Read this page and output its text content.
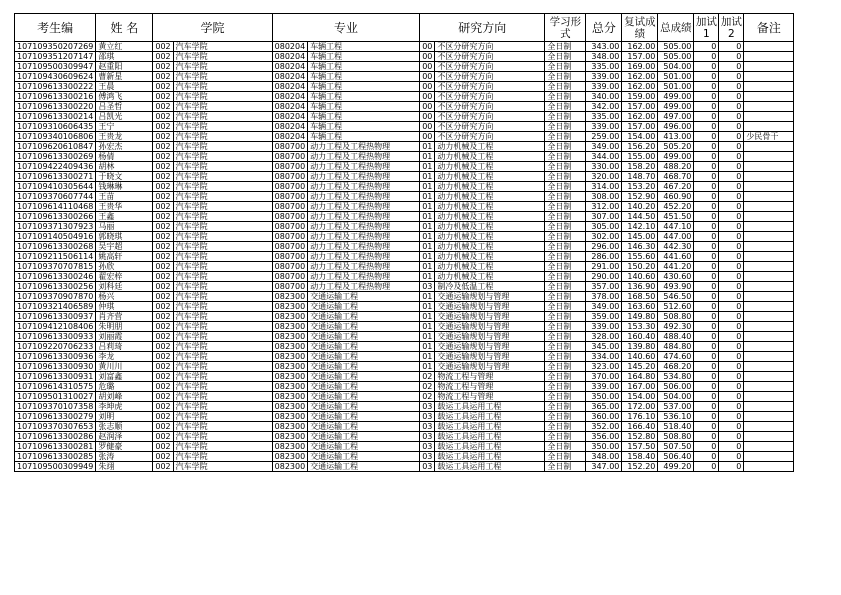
考生编	姓 名	学院		专业		研究方向		学习形式	总分	复试成绩	总成绩	加试1	加试2	备注
107109350207269	黄立红	002	汽车学院	080204	车辆工程	00	不区分研究方向	全日制	343.00	162.00	505.00	0	0	
107109351207147	邵琪	002	汽车学院	080204	车辆工程	00	不区分研究方向	全日制	348.00	157.00	505.00	0	0	
107109500309947	赵重阳	002	汽车学院	080204	车辆工程	00	不区分研究方向	全日制	335.00	169.00	504.00	0	0	
107109430609624	曹新星	002	汽车学院	080204	车辆工程	00	不区分研究方向	全日制	339.00	162.00	501.00	0	0	
107109613300222	王晨	002	汽车学院	080204	车辆工程	00	不区分研究方向	全日制	339.00	162.00	501.00	0	0	
107109613300216	傅鸿飞	002	汽车学院	080204	车辆工程	00	不区分研究方向	全日制	340.00	159.00	499.00	0	0	
107109613300220	吕圣哲	002	汽车学院	080204	车辆工程	00	不区分研究方向	全日制	342.00	157.00	499.00	0	0	
107109613300214	吕凯光	002	汽车学院	080204	车辆工程	00	不区分研究方向	全日制	335.00	162.00	497.00	0	0	
107109310606435	王宁	002	汽车学院	080204	车辆工程	00	不区分研究方向	全日制	339.00	157.00	496.00	0	0	
107109340106806	王贵龙	002	汽车学院	080204	车辆工程	00	不区分研究方向	全日制	259.00	154.00	413.00	0	0	少民骨干
107109620610847	孙宏杰	002	汽车学院	080700	动力工程及工程热物理	01	动力机械及工程	全日制	349.00	156.20	505.20	0	0	
107109613300269	杨倩	002	汽车学院	080700	动力工程及工程热物理	01	动力机械及工程	全日制	344.00	155.00	499.00	0	0	
107109422409436	胡林	002	汽车学院	080700	动力工程及工程热物理	01	动力机械及工程	全日制	330.00	158.20	488.20	0	0	
107109613300271	于晓文	002	汽车学院	080700	动力工程及工程热物理	01	动力机械及工程	全日制	320.00	148.70	468.70	0	0	
107109410305644	钱琳琳	002	汽车学院	080700	动力工程及工程热物理	01	动力机械及工程	全日制	314.00	153.20	467.20	0	0	
107109370607744	王苗	002	汽车学院	080700	动力工程及工程热物理	01	动力机械及工程	全日制	308.00	152.90	460.90	0	0	
107109614110468	王贵华	002	汽车学院	080700	动力工程及工程热物理	01	动力机械及工程	全日制	312.00	140.20	452.20	0	0	
107109613300266	王鑫	002	汽车学院	080700	动力工程及工程热物理	01	动力机械及工程	全日制	307.00	144.50	451.50	0	0	
107109371307923	马丽	002	汽车学院	080700	动力工程及工程热物理	01	动力机械及工程	全日制	305.00	142.10	447.10	0	0	
107109140504916	郭晓琪	002	汽车学院	080700	动力工程及工程热物理	01	动力机械及工程	全日制	302.00	145.00	447.00	0	0	
107109613300268	吴宇超	002	汽车学院	080700	动力工程及工程热物理	01	动力机械及工程	全日制	296.00	146.30	442.30	0	0	
107109211506114	姚高轩	002	汽车学院	080700	动力工程及工程热物理	01	动力机械及工程	全日制	286.00	155.60	441.60	0	0	
107109370707815	孙欣	002	汽车学院	080700	动力工程及工程热物理	01	动力机械及工程	全日制	291.00	150.20	441.20	0	0	
107109613300246	翟宏梓	002	汽车学院	080700	动力工程及工程热物理	01	动力机械及工程	全日制	290.00	140.60	430.60	0	0	
107109613300256	刘科廷	002	汽车学院	080700	动力工程及工程热物理	03	制冷及低温工程	全日制	357.00	136.90	493.90	0	0	
107109370907870	杨兴	002	汽车学院	082300	交通运输工程	01	交通运输规划与管理	全日制	378.00	168.50	546.50	0	0	
107109321406589	仲琪	002	汽车学院	082300	交通运输工程	01	交通运输规划与管理	全日制	349.00	163.60	512.60	0	0	
107109613300937	肖齐营	002	汽车学院	082300	交通运输工程	01	交通运输规划与管理	全日制	359.00	149.80	508.80	0	0	
107109412108406	朱明朋	002	汽车学院	082300	交通运输工程	01	交通运输规划与管理	全日制	339.00	153.30	492.30	0	0	
107109613300933	刘丽霞	002	汽车学院	082300	交通运输工程	01	交通运输规划与管理	全日制	328.00	160.40	488.40	0	0	
107109220706233	吕莉琦	002	汽车学院	082300	交通运输工程	01	交通运输规划与管理	全日制	345.00	139.80	484.80	0	0	
107109613300936	李龙	002	汽车学院	082300	交通运输工程	01	交通运输规划与管理	全日制	334.00	140.60	474.60	0	0	
107109613300930	黄川川	002	汽车学院	082300	交通运输工程	01	交通运输规划与管理	全日制	323.00	145.20	468.20	0	0	
107109613300931	刘富鑫	002	汽车学院	082300	交通运输工程	02	物流工程与管理	全日制	370.00	164.80	534.80	0	0	
107109614310575	危璐	002	汽车学院	082300	交通运输工程	02	物流工程与管理	全日制	339.00	167.00	506.00	0	0	
107109501310027	胡刘峰	002	汽车学院	082300	交通运输工程	02	物流工程与管理	全日制	350.00	154.00	504.00	0	0	
107109370107358	李坤虎	002	汽车学院	082300	交通运输工程	03	载运工具运用工程	全日制	365.00	172.00	537.00	0	0	
107109613300279	刘明	002	汽车学院	082300	交通运输工程	03	载运工具运用工程	全日制	360.00	176.10	536.10	0	0	
107109370307653	张志顺	002	汽车学院	082300	交通运输工程	03	载运工具运用工程	全日制	352.00	166.40	518.40	0	0	
107109613300286	赵润泽	002	汽车学院	082300	交通运输工程	03	载运工具运用工程	全日制	356.00	152.80	508.80	0	0	
107109613300281	罗健豪	002	汽车学院	082300	交通运输工程	03	载运工具运用工程	全日制	350.00	157.50	507.50	0	0	
107109613300285	张涛	002	汽车学院	082300	交通运输工程	03	载运工具运用工程	全日制	348.00	158.40	506.40	0	0	
107109500309949	朱翊	002	汽车学院	082300	交通运输工程	03	载运工具运用工程	全日制	347.00	152.20	499.20	0	0	
